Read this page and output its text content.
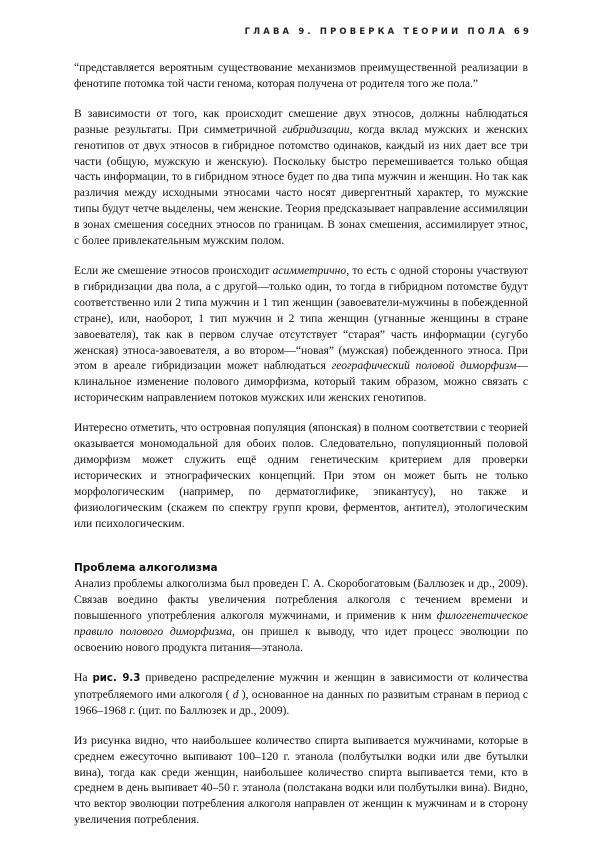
ГЛАВА 9. ПРОВЕРКА ТЕОРИИ ПОЛА 69

“представляется вероятным существование механизмов преимущественной реализации в фенотипе потомка той части генома, которая получена от родителя того же пола.”

В зависимости от того, как происходит смешение двух этносов, должны наблюдаться разные результаты. При симметричной гибридизации, когда вклад мужских и женских генотипов от двух этносов в гибридное потомство одинаков, каждый из них дает все три части (общую, мужскую и женскую). Поскольку быстро перемешивается только общая часть информации, то в гибридном этносе будет по два типа мужчин и женщин. Но так как различия между исходными этносами часто носят дивергентный характер, то мужские типы будут четче выделены, чем женские. Теория предсказывает направление ассимиляции в зонах смешения соседних этносов по границам. В зонах смешения, ассимилирует этнос, с более привлекательным мужским полом.

Если же смешение этносов происходит асимметрично, то есть с одной стороны участвуют в гибридизации два пола, а с другой—только один, то тогда в гибридном потомстве будут соответственно или 2 типа мужчин и 1 тип женщин (завоеватели-мужчины в побежденной стране), или, наоборот, 1 тип мужчин и 2 типа женщин (угнанные женщины в стране завоевателя), так как в первом случае отсутствует “старая” часть информации (сугубо женская) этноса-завоевателя, а во втором—“новая” (мужская) побежденного этноса. При этом в ареале гибридизации может наблюдаться географический половой диморфизм—клинальное изменение полового диморфизма, который таким образом, можно связать с историческим направлением потоков мужских или женских генотипов.

Интересно отметить, что островная популяция (японская) в полном соответствии с теорией оказывается мономодальной для обоих полов. Следовательно, популяционный половой диморфизм может служить ещё одним генетическим критерием для проверки исторических и этнографических концепций. При этом он может быть не только морфологическим (например, по дерматоглифике, эпикантусу), но также и физиологическим (скажем по спектру групп крови, ферментов, антител), этологическим или психологическим.

Проблема алкоголизма

Анализ проблемы алкоголизма был проведен Г. А. Скоробогатовым (Баллюзек и др., 2009). Связав воедино факты увеличения потребления алкоголя с течением времени и повышенного употребления алкоголя мужчинами, и применив к ним филогенетическое правило полового диморфизма, он пришел к выводу, что идет процесс эволюции по освоению нового продукта питания—этанола.

На рис. 9.3 приведено распределение мужчин и женщин в зависимости от количества употребляемого ими алкоголя ( d ), основанное на данных по развитым странам в период с 1966–1968 г. (цит. по Баллюзек и др., 2009).

Из рисунка видно, что наибольшее количество спирта выпивается мужчинами, которые в среднем ежесуточно выпивают 100–120 г. этанола (полбутылки водки или две бутылки вина), тогда как среди женщин, наибольшее количество спирта выпивается теми, кто в среднем в день выпивает 40–50 г. этанола (полстакана водки или полбутылки вина). Видно, что вектор эволюции потребления алкоголя направлен от женщин к мужчинам и в сторону увеличения потребления.
